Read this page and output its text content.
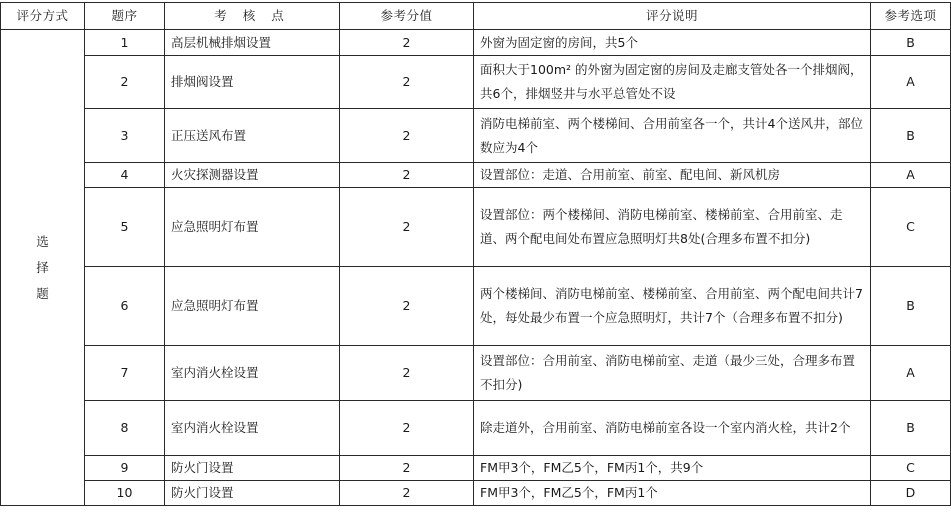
评分方式	题序	考 核 点	参考分值	评分说明	参考选项
选择题	1	高层机械排烟设置	2	外窗为固定窗的房间，共5个	B
	2	排烟阀设置	2	面积大于100m² 的外窗为固定窗的房间及走廊支管处各一个排烟阀，共6个，排烟竖井与水平总管处不设	A
	3	正压送风布置	2	消防电梯前室、两个楼梯间、合用前室各一个，共计4个送风井，部位数应为4个	B
	4	火灾探测器设置	2	设置部位：走道、合用前室、前室、配电间、新风机房	A
	5	应急照明灯布置	2	设置部位：两个楼梯间、消防电梯前室、楼梯前室、合用前室、走道、两个配电间处布置应急照明灯共8处(合理多布置不扣分)	C
	6	应急照明灯布置	2	两个楼梯间、消防电梯前室、楼梯前室、合用前室、两个配电间共计7处，每处最少布置一个应急照明灯，共计7个（合理多布置不扣分)	B
	7	室内消火栓设置	2	设置部位：合用前室、消防电梯前室、走道（最少三处，合理多布置不扣分)	A
	8	室内消火栓设置	2	除走道外，合用前室、消防电梯前室各设一个室内消火栓，共计2个	B
	9	防火门设置	2	FM甲3个，FM乙5个，FM丙1个，共9个	C
	10	防火门设置	2	FM甲3个，FM乙5个，FM丙1个	D
